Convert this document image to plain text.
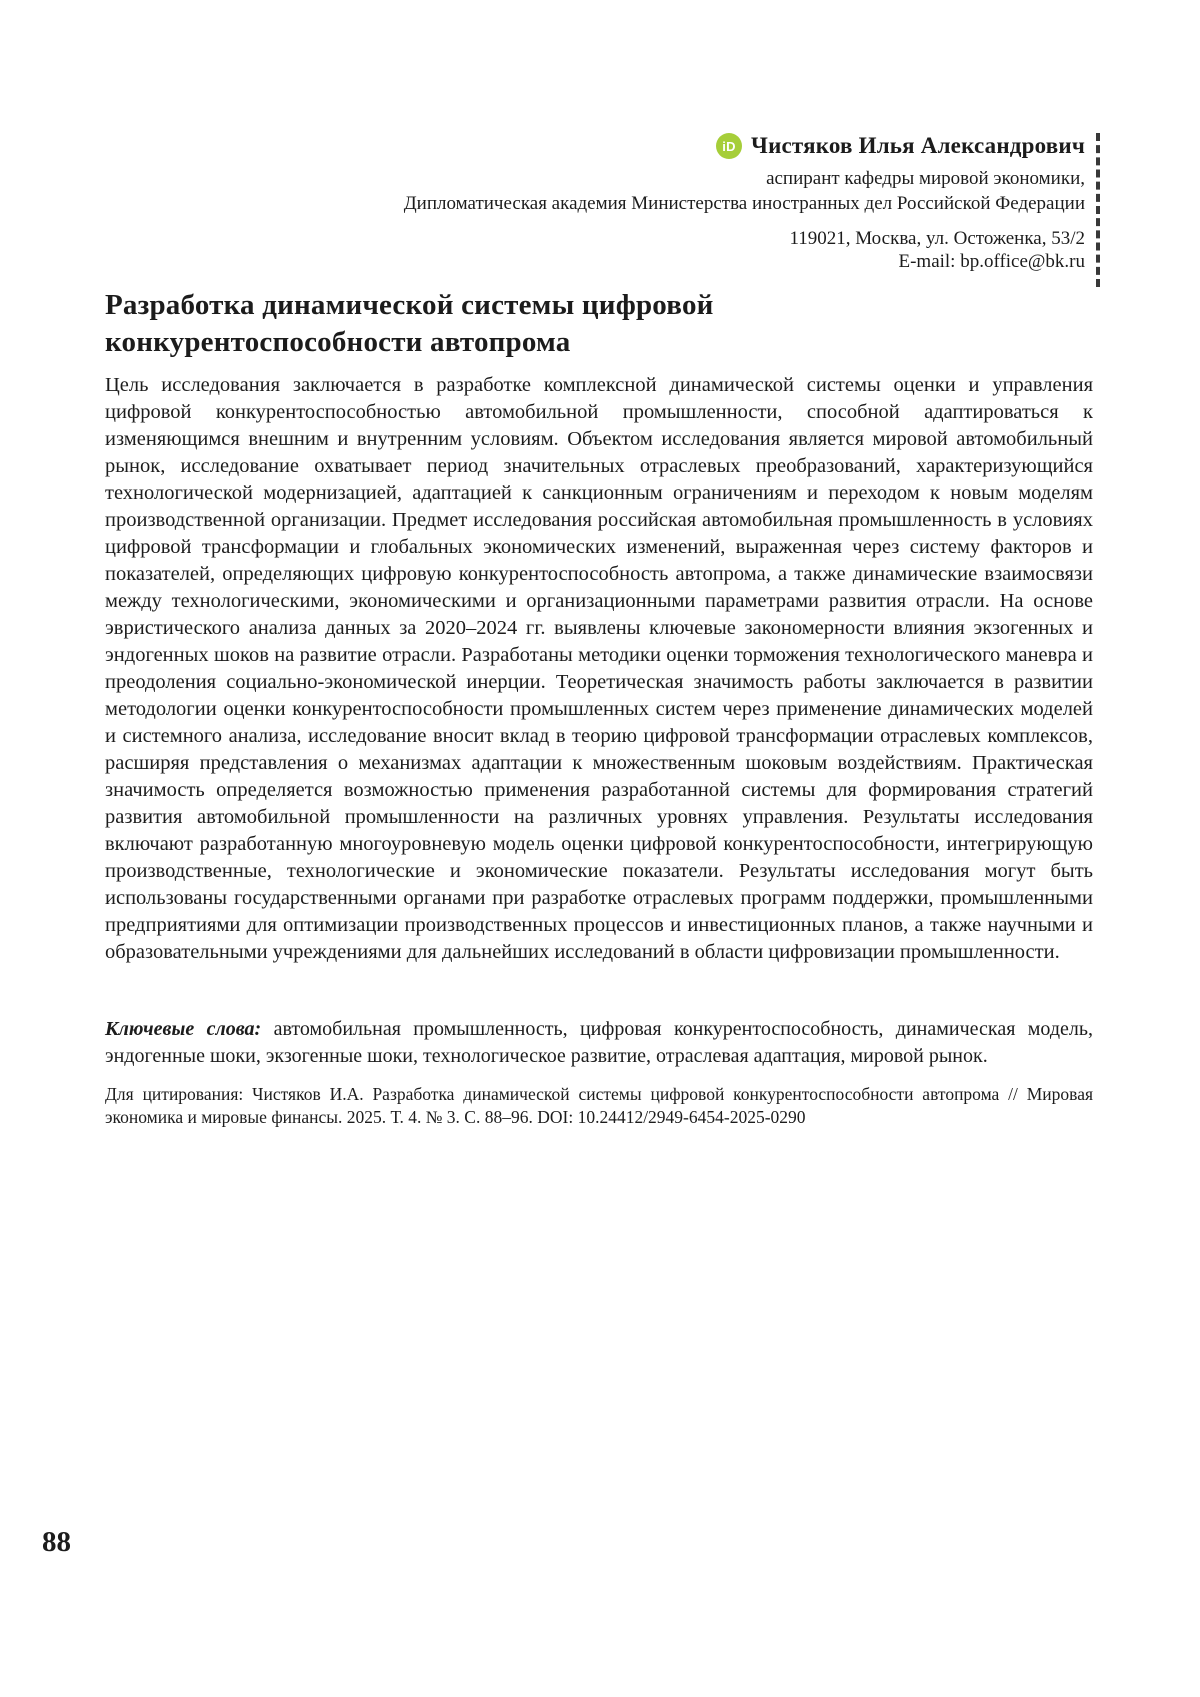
iD Чистяков Илья Александрович
аспирант кафедры мировой экономики,
Дипломатическая академия Министерства иностранных дел Российской Федерации
119021, Москва, ул. Остоженка, 53/2
E-mail: bp.office@bk.ru
Разработка динамической системы цифровой
конкурентоспособности автопрома

Цель исследования заключается в разработке комплексной динамической системы оценки и управления цифровой конкурентоспособностью автомобильной промышленности, способной адаптироваться к изменяющимся внешним и внутренним условиям. Объектом исследования является мировой автомобильный рынок, исследование охватывает период значительных отраслевых преобразований, характеризующийся технологической модернизацией, адаптацией к санкционным ограничениям и переходом к новым моделям производственной организации. Предмет исследования российская автомобильная промышленность в условиях цифровой трансформации и глобальных экономических изменений, выраженная через систему факторов и показателей, определяющих цифровую конкурентоспособность автопрома, а также динамические взаимосвязи между технологическими, экономическими и организационными параметрами развития отрасли. На основе эвристического анализа данных за 2020–2024 гг. выявлены ключевые закономерности влияния экзогенных и эндогенных шоков на развитие отрасли. Разработаны методики оценки торможения технологического маневра и преодоления социально-экономической инерции. Теоретическая значимость работы заключается в развитии методологии оценки конкурентоспособности промышленных систем через применение динамических моделей и системного анализа, исследование вносит вклад в теорию цифровой трансформации отраслевых комплексов, расширяя представления о механизмах адаптации к множественным шоковым воздействиям. Практическая значимость определяется возможностью применения разработанной системы для формирования стратегий развития автомобильной промышленности на различных уровнях управления. Результаты исследования включают разработанную многоуровневую модель оценки цифровой конкурентоспособности, интегрирующую производственные, технологические и экономические показатели. Результаты исследования могут быть использованы государственными органами при разработке отраслевых программ поддержки, промышленными предприятиями для оптимизации производственных процессов и инвестиционных планов, а также научными и образовательными учреждениями для дальнейших исследований в области цифровизации промышленности.

Ключевые слова: автомобильная промышленность, цифровая конкурентоспособность, динамическая модель, эндогенные шоки, экзогенные шоки, технологическое развитие, отраслевая адаптация, мировой рынок.

Для цитирования: Чистяков И.А. Разработка динамической системы цифровой конкурентоспособности автопрома // Мировая экономика и мировые финансы. 2025. Т. 4. № 3. С. 88–96. DOI: 10.24412/2949-6454-2025-0290

88
